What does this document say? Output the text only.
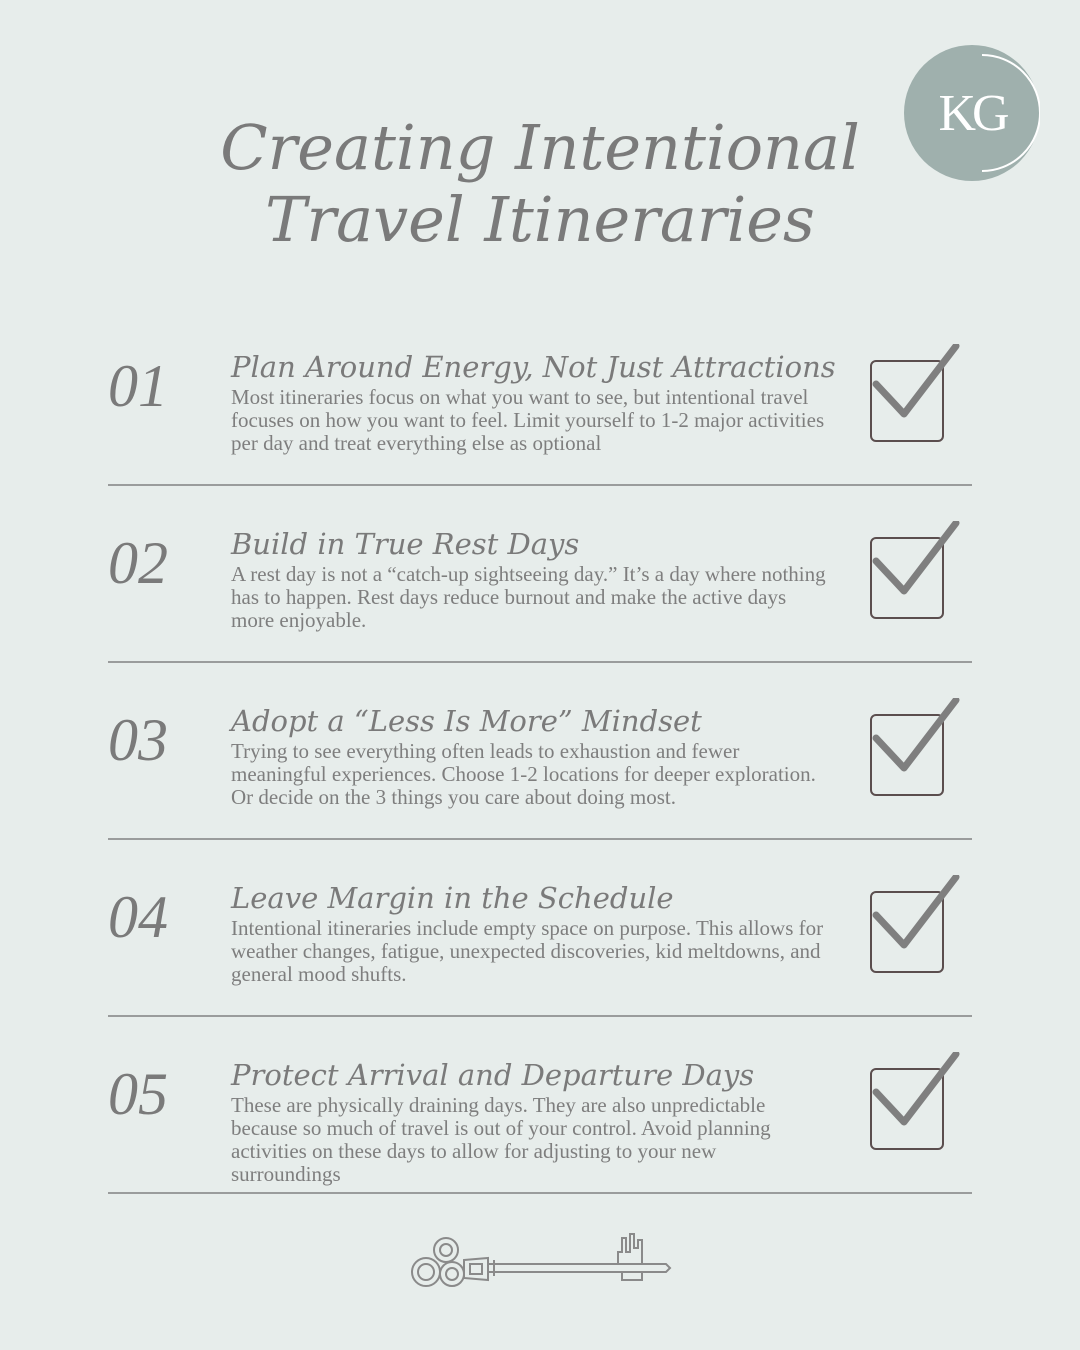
KG
Creating Intentional Travel Itineraries
01 Plan Around Energy, Not Just Attractions
Most itineraries focus on what you want to see, but intentional travel focuses on how you want to feel. Limit yourself to 1-2 major activities per day and treat everything else as optional
02 Build in True Rest Days
A rest day is not a “catch-up sightseeing day.” It’s a day where nothing has to happen. Rest days reduce burnout and make the active days more enjoyable.
03 Adopt a “Less Is More” Mindset
Trying to see everything often leads to exhaustion and fewer meaningful experiences. Choose 1-2 locations for deeper exploration. Or decide on the 3 things you care about doing most.
04 Leave Margin in the Schedule
Intentional itineraries include empty space on purpose. This allows for weather changes, fatigue, unexpected discoveries, kid meltdowns, and general mood shufts.
05 Protect Arrival and Departure Days
These are physically draining days. They are also unpredictable because so much of travel is out of your control. Avoid planning activities on these days to allow for adjusting to your new surroundings
